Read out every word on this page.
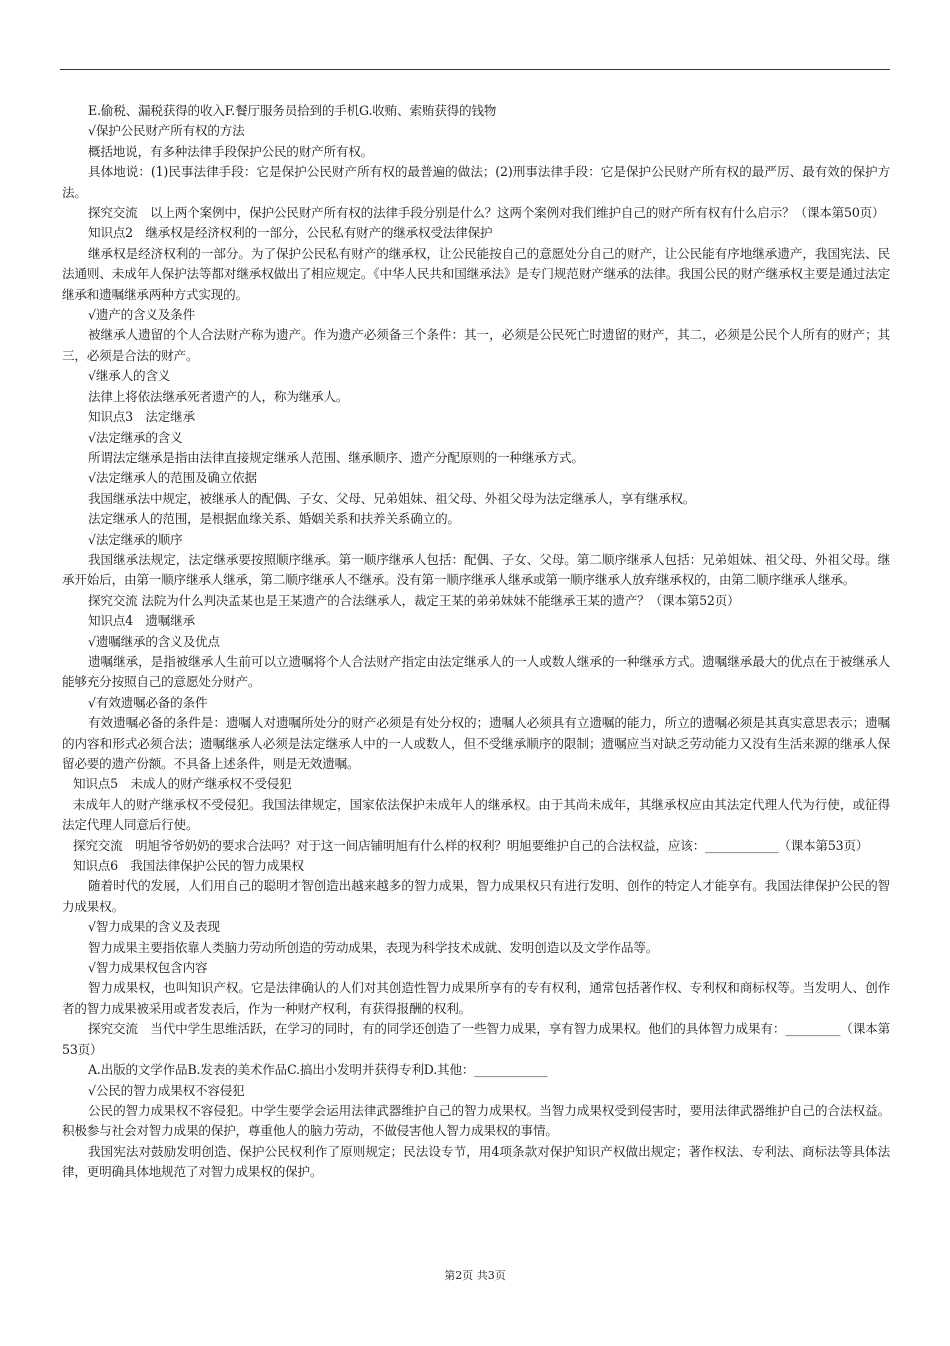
E.偷税、漏税获得的收入F.餐厅服务员拾到的手机G.收贿、索贿获得的钱物

√保护公民财产所有权的方法

概括地说，有多种法律手段保护公民的财产所有权。

具体地说：(1)民事法律手段：它是保护公民财产所有权的最普遍的做法；(2)刑事法律手段：它是保护公民财产所有权的最严厉、最有效的保护方法。

探究交流　以上两个案例中，保护公民财产所有权的法律手段分别是什么？这两个案例对我们维护自己的财产所有权有什么启示？（课本第50页）

知识点2　继承权是经济权利的一部分，公民私有财产的继承权受法律保护

继承权是经济权利的一部分。为了保护公民私有财产的继承权，让公民能按自己的意愿处分自己的财产，让公民能有序地继承遗产，我国宪法、民法通则、未成年人保护法等都对继承权做出了相应规定。《中华人民共和国继承法》是专门规范财产继承的法律。我国公民的财产继承权主要是通过法定继承和遗嘱继承两种方式实现的。

√遗产的含义及条件

被继承人遗留的个人合法财产称为遗产。作为遗产必须备三个条件：其一，必须是公民死亡时遗留的财产，其二，必须是公民个人所有的财产；其三，必须是合法的财产。

√继承人的含义

法律上将依法继承死者遗产的人，称为继承人。

知识点3　法定继承

√法定继承的含义

所谓法定继承是指由法律直接规定继承人范围、继承顺序、遗产分配原则的一种继承方式。

√法定继承人的范围及确立依据

我国继承法中规定，被继承人的配偶、子女、父母、兄弟姐妹、祖父母、外祖父母为法定继承人，享有继承权。

法定继承人的范围，是根据血缘关系、婚姻关系和扶养关系确立的。

√法定继承的顺序

我国继承法规定，法定继承要按照顺序继承。第一顺序继承人包括：配偶、子女、父母。第二顺序继承人包括：兄弟姐妹、祖父母、外祖父母。继承开始后，由第一顺序继承人继承，第二顺序继承人不继承。没有第一顺序继承人继承或第一顺序继承人放弃继承权的，由第二顺序继承人继承。

探究交流 法院为什么判决孟某也是王某遗产的合法继承人，裁定王某的弟弟妹妹不能继承王某的遗产？（课本第52页）

知识点4　遗嘱继承

√遗嘱继承的含义及优点

遗嘱继承，是指被继承人生前可以立遗嘱将个人合法财产指定由法定继承人的一人或数人继承的一种继承方式。遗嘱继承最大的优点在于被继承人能够充分按照自己的意愿处分财产。

√有效遗嘱必备的条件

有效遗嘱必备的条件是：遗嘱人对遗嘱所处分的财产必须是有处分权的；遗嘱人必须具有立遗嘱的能力，所立的遗嘱必须是其真实意思表示；遗嘱的内容和形式必须合法；遗嘱继承人必须是法定继承人中的一人或数人，但不受继承顺序的限制；遗嘱应当对缺乏劳动能力又没有生活来源的继承人保留必要的遗产份额。不具备上述条件，则是无效遗嘱。

知识点5　未成人的财产继承权不受侵犯

未成年人的财产继承权不受侵犯。我国法律规定，国家依法保护未成年人的继承权。由于其尚未成年，其继承权应由其法定代理人代为行使，或征得法定代理人同意后行使。

探究交流　明旭爷爷奶奶的要求合法吗？对于这一间店铺明旭有什么样的权利？明旭要维护自己的合法权益，应该：____________（课本第53页）

知识点6　我国法律保护公民的智力成果权

随着时代的发展，人们用自己的聪明才智创造出越来越多的智力成果，智力成果权只有进行发明、创作的特定人才能享有。我国法律保护公民的智力成果权。

√智力成果的含义及表现

智力成果主要指依靠人类脑力劳动所创造的劳动成果，表现为科学技术成就、发明创造以及文学作品等。

√智力成果权包含内容

智力成果权，也叫知识产权。它是法律确认的人们对其创造性智力成果所享有的专有权利，通常包括著作权、专利权和商标权等。当发明人、创作者的智力成果被采用或者发表后，作为一种财产权利，有获得报酬的权利。

探究交流　当代中学生思维活跃，在学习的同时，有的同学还创造了一些智力成果，享有智力成果权。他们的具体智力成果有：_________（课本第53页）

A.出版的文学作品B.发表的美术作品C.搞出小发明并获得专利D.其他：____________

√公民的智力成果权不容侵犯

公民的智力成果权不容侵犯。中学生要学会运用法律武器维护自己的智力成果权。当智力成果权受到侵害时，要用法律武器维护自己的合法权益。积极参与社会对智力成果的保护，尊重他人的脑力劳动，不做侵害他人智力成果权的事情。

我国宪法对鼓励发明创造、保护公民权利作了原则规定；民法设专节，用4项条款对保护知识产权做出规定；著作权法、专利法、商标法等具体法律，更明确具体地规范了对智力成果权的保护。

第2页 共3页
